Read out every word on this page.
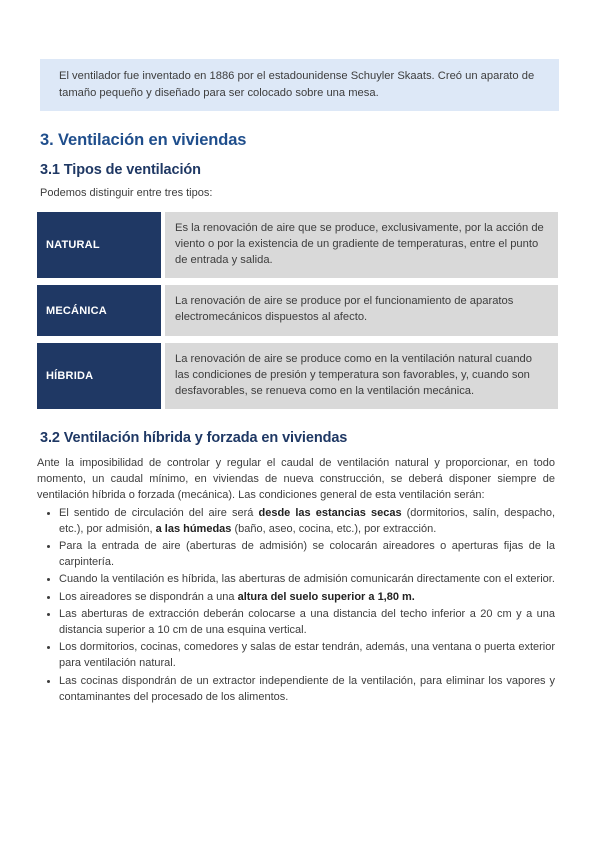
El ventilador fue inventado en 1886 por el estadounidense Schuyler Skaats. Creó un aparato de tamaño pequeño y diseñado para ser colocado sobre una mesa.
3. Ventilación en viviendas
3.1 Tipos de ventilación
Podemos distinguir entre tres tipos:
NATURAL
Es la renovación de aire que se produce, exclusivamente, por la acción de viento o por la existencia de un gradiente de temperaturas, entre el punto de entrada y salida.
MECÁNICA
La renovación de aire se produce por el funcionamiento de aparatos electromecánicos dispuestos al afecto.
HÍBRIDA
La renovación de aire se produce como en la ventilación natural cuando las condiciones de presión y temperatura son favorables, y, cuando son desfavorables, se renueva como en la ventilación mecánica.
3.2 Ventilación híbrida y forzada en viviendas

Ante la imposibilidad de controlar y regular el caudal de ventilación natural y proporcionar, en todo momento, un caudal mínimo, en viviendas de nueva construcción, se deberá disponer siempre de ventilación híbrida o forzada (mecánica). Las condiciones general de esta ventilación serán:

• El sentido de circulación del aire será desde las estancias secas (dormitorios, salín, despacho, etc.), por admisión, a las húmedas (baño, aseo, cocina, etc.), por extracción.
• Para la entrada de aire (aberturas de admisión) se colocarán aireadores o aperturas fijas de la carpintería.
• Cuando la ventilación es híbrida, las aberturas de admisión comunicarán directamente con el exterior.
• Los aireadores se dispondrán a una altura del suelo superior a 1,80 m.
• Las aberturas de extracción deberán colocarse a una distancia del techo inferior a 20 cm y a una distancia superior a 10 cm de una esquina vertical.
• Los dormitorios, cocinas, comedores y salas de estar tendrán, además, una ventana o puerta exterior para ventilación natural.
• Las cocinas dispondrán de un extractor independiente de la ventilación, para eliminar los vapores y contaminantes del procesado de los alimentos.
